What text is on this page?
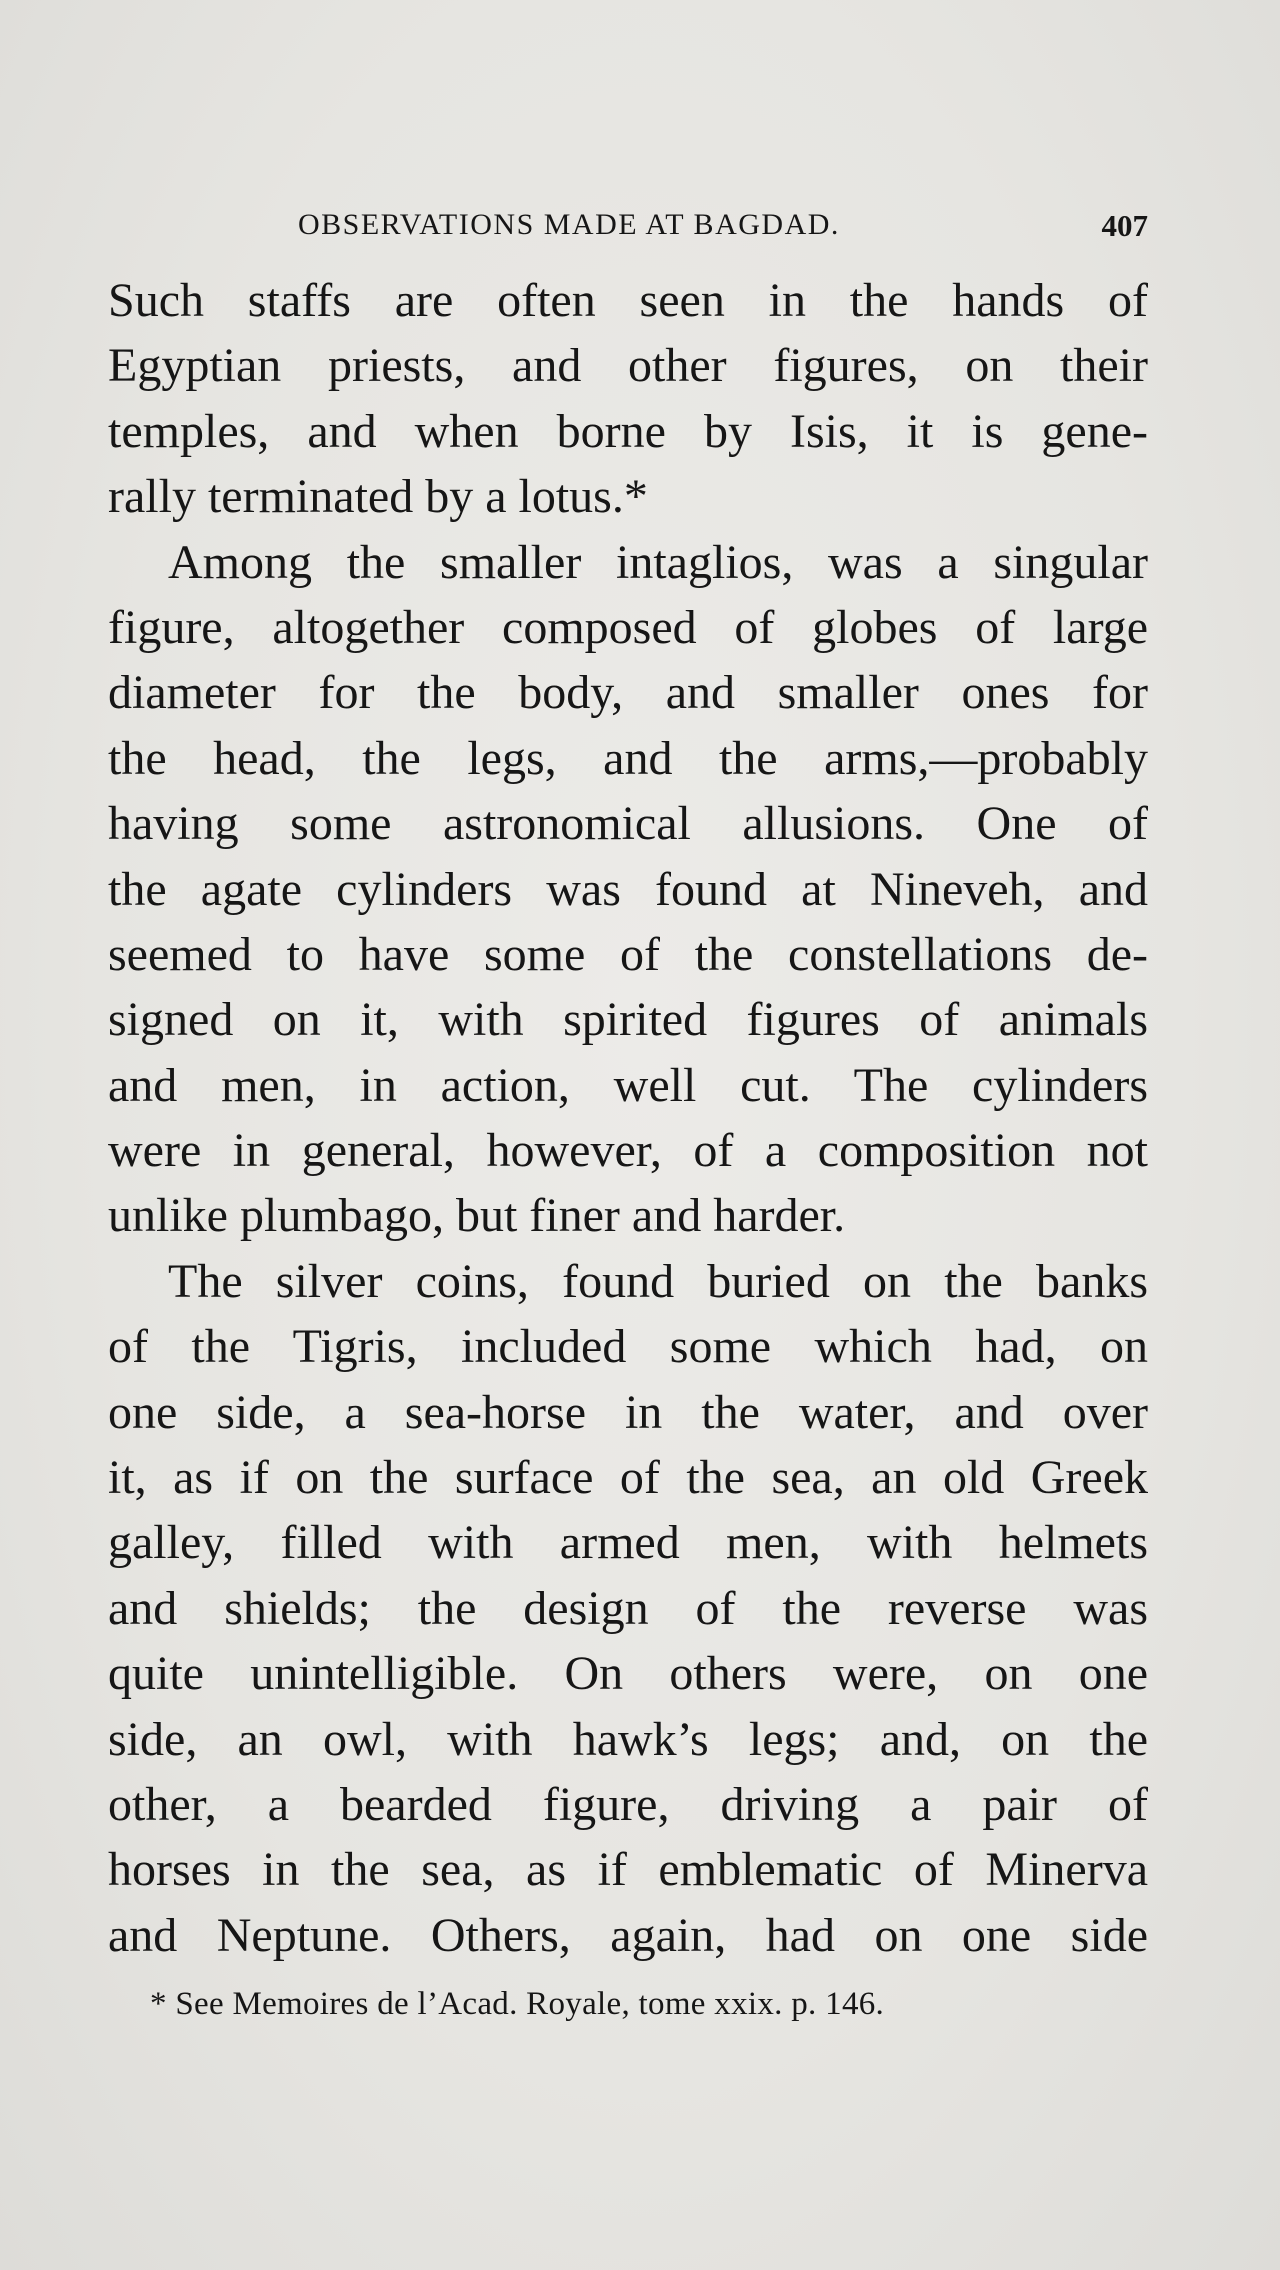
OBSERVATIONS MADE AT BAGDAD.	407
Such staffs are often seen in the hands of
Egyptian priests, and other figures, on their
temples, and when borne by Isis, it is gene-
rally terminated by a lotus.*
Among the smaller intaglios, was a singular
figure, altogether composed of globes of large
diameter for the body, and smaller ones for
the head, the legs, and the arms,—probably
having some astronomical allusions. One of
the agate cylinders was found at Nineveh, and
seemed to have some of the constellations de-
signed on it, with spirited figures of animals
and men, in action, well cut. The cylinders
were in general, however, of a composition not
unlike plumbago, but finer and harder.
The silver coins, found buried on the banks
of the Tigris, included some which had, on
one side, a sea-horse in the water, and over
it, as if on the surface of the sea, an old Greek
galley, filled with armed men, with helmets
and shields; the design of the reverse was
quite unintelligible. On others were, on one
side, an owl, with hawk’s legs; and, on the
other, a bearded figure, driving a pair of
horses in the sea, as if emblematic of Minerva
and Neptune. Others, again, had on one side
* See Memoires de l’Acad. Royale, tome xxix. p. 146.
